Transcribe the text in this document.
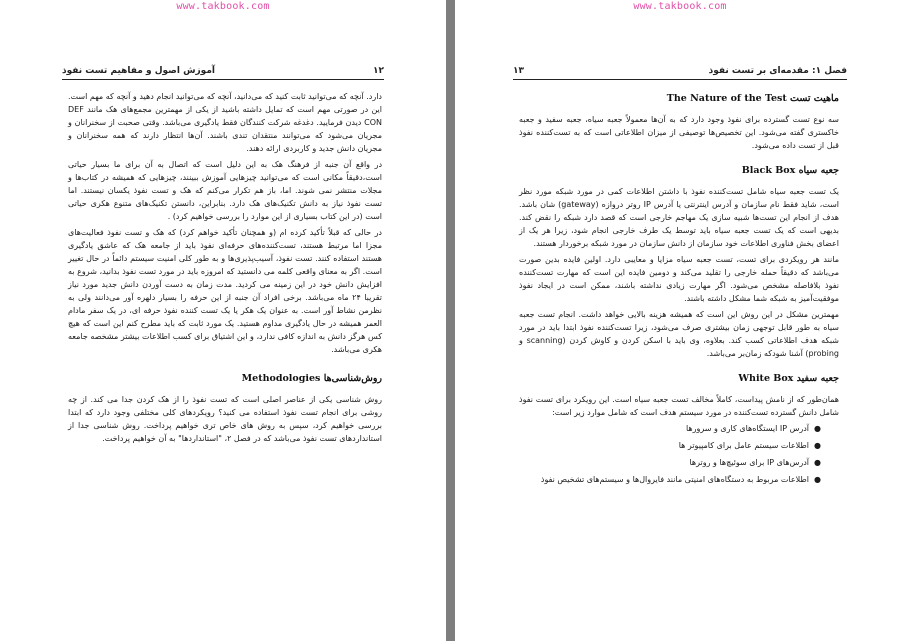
www.takbook.com
۱۲
آموزش اصول و مفاهیم تست نفوذ

دارد. آنچه که می‌توانید ثابت کنید که می‌دانید، آنچه که می‌توانید انجام دهید و آنچه که مهم است. این در صورتی مهم است که تمایل داشته باشید از یکی از مهمترین مجمع‌های هک مانند DEF CON دیدن فرمایید. دغدغه شرکت کنندگان فقط یادگیری می‌باشد. وقتی صحبت از سخنرانان و مجریان می‌شود که می‌توانند منتقدان تندی باشند. آن‌ها انتظار دارند که همه سخنرانان و مجریان دانش جدید و کاربردی ارائه دهند.

در واقع آن جنبه از فرهنگ هک به این دلیل است که اتصال به آن برای ما بسیار حیاتی است،دقیقاً مکانی است که می‌توانید چیزهایی آموزش ببینند، چیزهایی که همیشه در کتاب‌ها و مجلات منتشر نمی شوند. اما، باز هم تکرار می‌کنم که هک و تست نفوذ یکسان نیستند. اما تست نفوذ نیاز به دانش تکنیک‌های هک دارد. بنابراین، دانستن تکنیک‌های متنوع هکری حیاتی است (در این کتاب بسیاری از این موارد را بررسی خواهیم کرد) .

در حالی که قبلاً تأکید کرده ام (و همچنان تأکید خواهم کرد) که هک و تست نفوذ فعالیت‌های مجزا اما مرتبط هستند، تست‌کننده‌های حرفه‌ای نفوذ باید از جامعه هک که عاشق یادگیری هستند استفاده کنند. تست نفوذ، آسیب‌پذیری‌ها و به طور کلی امنیت سیستم دائماً در حال تغییر است. اگر به معنای واقعی کلمه می دانستید که امروزه باید در مورد تست نفوذ بدانید، شروع به افزایش دانش خود در این زمینه می کردید. مدت زمان به دست آوردن دانش جدید مورد نیاز تقریبا ۲۴ ماه می‌باشد. برخی افراد آن جنبه از این حرفه را بسیار دلهره آور می‌دانند ولی به نظرمن نشاط آور است. به عنوان یک هکر یا یک تست کننده نفوذ حرفه ای، در یک سفر مادام العمر همیشه در حال یادگیری مداوم هستید. یک مورد ثابت که باید مطرح کنم این است که هیچ کس هرگز دانش به اندازه کافی ندارد، و این اشتیاق برای کسب اطلاعات بیشتر مشخصه جامعه هکری می‌باشد.

روش‌شناسی‌ها Methodologies

روش شناسی یکی از عناصر اصلی است که تست نفوذ را از هک کردن جدا می کند. از چه روشی برای انجام تست نفوذ استفاده می کنید؟ رویکردهای کلی مختلفی وجود دارد که ابتدا بررسی خواهیم کرد، سپس به روش های خاص تری خواهیم پرداخت. روش شناسی جدا از استانداردهای تست نفوذ می‌باشد که در فصل ۲، "استانداردها" به آن خواهیم پرداخت.

www.takbook.com
فصل ۱: مقدمه‌ای بر تست نفوذ
۱۳
ماهیت تست The Nature of the Test

سه نوع تست گسترده برای نفوذ وجود دارد که به آن‌ها معمولاً جعبه سیاه، جعبه سفید و جعبه خاکستری گفته می‌شود. این تخصیص‌ها توصیفی از میزان اطلاعاتی است که به تست‌کننده نفوذ قبل از تست داده می‌شود.

جعبه سیاه Black Box

یک تست جعبه سیاه شامل تست‌کننده نفوذ با داشتن اطلاعات کمی در مورد شبکه مورد نظر است، شاید فقط نام سازمان و آدرس اینترنتی یا آدرس IP روتر دروازه (gateway) شان باشد. هدف از انجام این تست‌ها شبیه سازی یک مهاجم خارجی است که قصد دارد شبکه را نقض کند. بدیهی است که یک تست جعبه سیاه باید توسط یک طرف خارجی انجام شود، زیرا هر یک از اعضای بخش فناوری اطلاعات خود سازمان از دانش سازمان در مورد شبکه برخوردار هستند.

مانند هر رویکردی برای تست، تست جعبه سیاه مزایا و معایبی دارد. اولین فایده بدین صورت می‌باشد که دقیقاً حمله خارجی را تقلید می‌کند و دومین فایده این است که مهارت تست‌کننده نفوذ بلافاصله مشخص می‌شود. اگر مهارت زیادی نداشته باشند، ممکن است در ایجاد نفوذ موفقیت‌آمیز به شبکه شما مشکل داشته باشند.

مهمترین مشکل در این روش این است که همیشه هزینه بالایی خواهد داشت. انجام تست جعبه سیاه به طور قابل توجهی زمان بیشتری صرف می‌شود، زیرا تست‌کننده نفوذ ابتدا باید در مورد شبکه هدف اطلاعاتی کسب کند. بعلاوه، وی باید با اسکن کردن و کاوش کردن (scanning و probing) آشنا شودکه زمان‌بر می‌باشد.

جعبه سفید White Box

همان‌طور که از نامش پیداست، کاملاً مخالف تست جعبه سیاه است. این رویکرد برای تست نفوذ شامل دانش گسترده تست‌کننده در مورد سیستم هدف است که شامل موارد زیر است:

●
آدرس IP ایستگاه‌های کاری و سرورها
●
اطلاعات سیستم عامل برای کامپیوتر ها
●
آدرس‌های IP برای سوئیچ‌ها و روترها
●
اطلاعات مربوط به دستگاه‌های امنیتی مانند فایروال‌ها و سیستم‌های تشخیص نفوذ
